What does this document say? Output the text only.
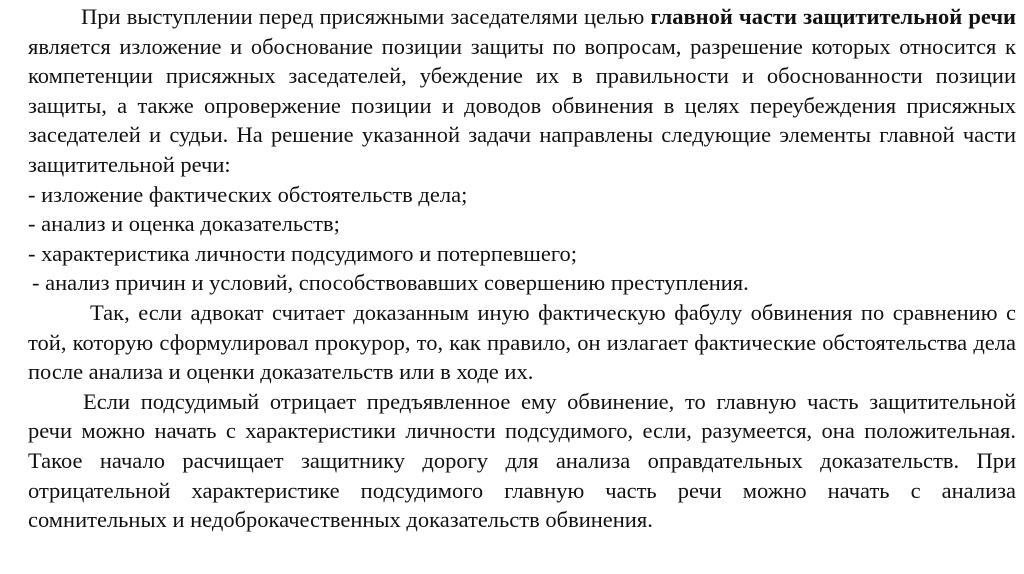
При выступлении перед присяжными заседателями целью главной части защитительной речи является изложение и обоснование позиции защиты по вопросам, разрешение которых относится к компетенции присяжных заседателей, убеждение их в правильности и обоснованности позиции защиты, а также опровержение позиции и доводов обвинения в целях переубеждения присяжных заседателей и судьи. На решение указанной задачи направлены следующие элементы главной части защитительной речи:

- изложение фактических обстоятельств дела;

- анализ и оценка доказательств;

- характеристика личности подсудимого и потерпевшего;

- анализ причин и условий, способствовавших совершению преступления.

Так, если адвокат считает доказанным иную фактическую фабулу обвинения по сравнению с той, которую сформулировал прокурор, то, как правило, он излагает фактические обстоятельства дела после анализа и оценки доказательств или в ходе их.

Если подсудимый отрицает предъявленное ему обвинение, то главную часть защитительной речи можно начать с характеристики личности подсудимого, если, разумеется, она положительная. Такое начало расчищает защитнику дорогу для анализа оправдательных доказательств. При отрицательной характеристике подсудимого главную часть речи можно начать с анализа сомнительных и недоброкачественных доказательств обвинения.
